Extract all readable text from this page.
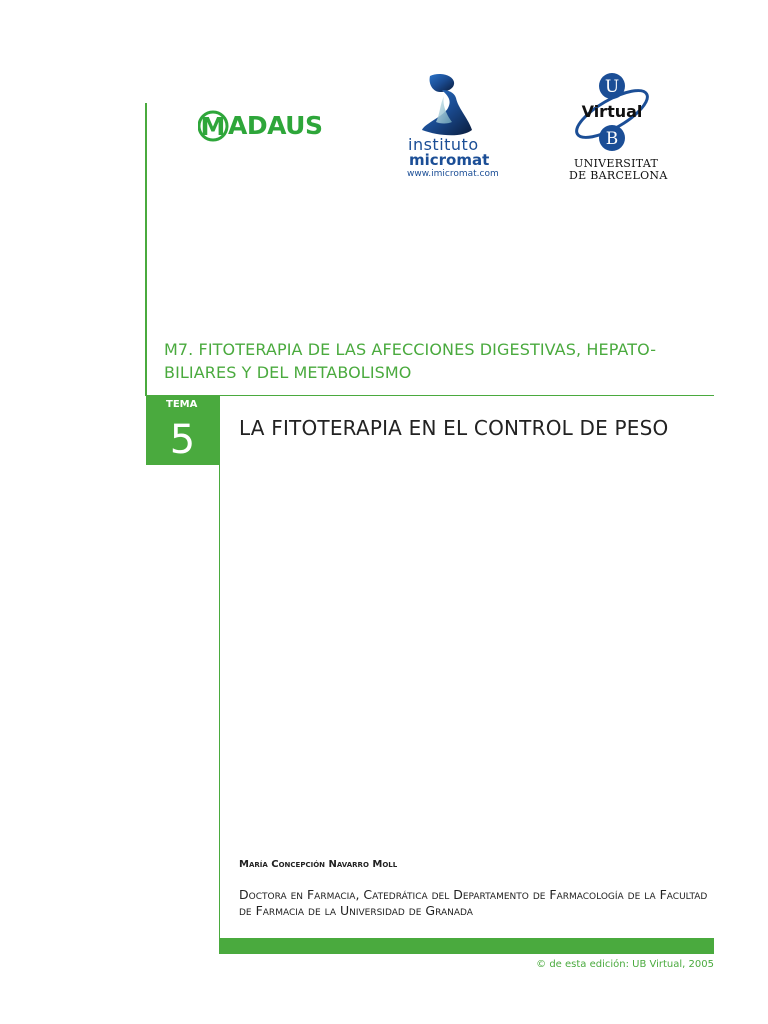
M ADAUS
instituto
micromat
www.imicromat.com
U
Virtual
B
UNIVERSITAT
DE BARCELONA
M7. FITOTERAPIA DE LAS AFECCIONES DIGESTIVAS, HEPATO-BILIARES Y DEL METABOLISMO
TEMA
5	LA FITOTERAPIA EN EL CONTROL DE PESO
María Concepción Navarro Moll
Doctora en Farmacia, Catedrática del Departamento de Farmacología de la Facultad de Farmacia de la Universidad de Granada
© de esta edición: UB Virtual, 2005
